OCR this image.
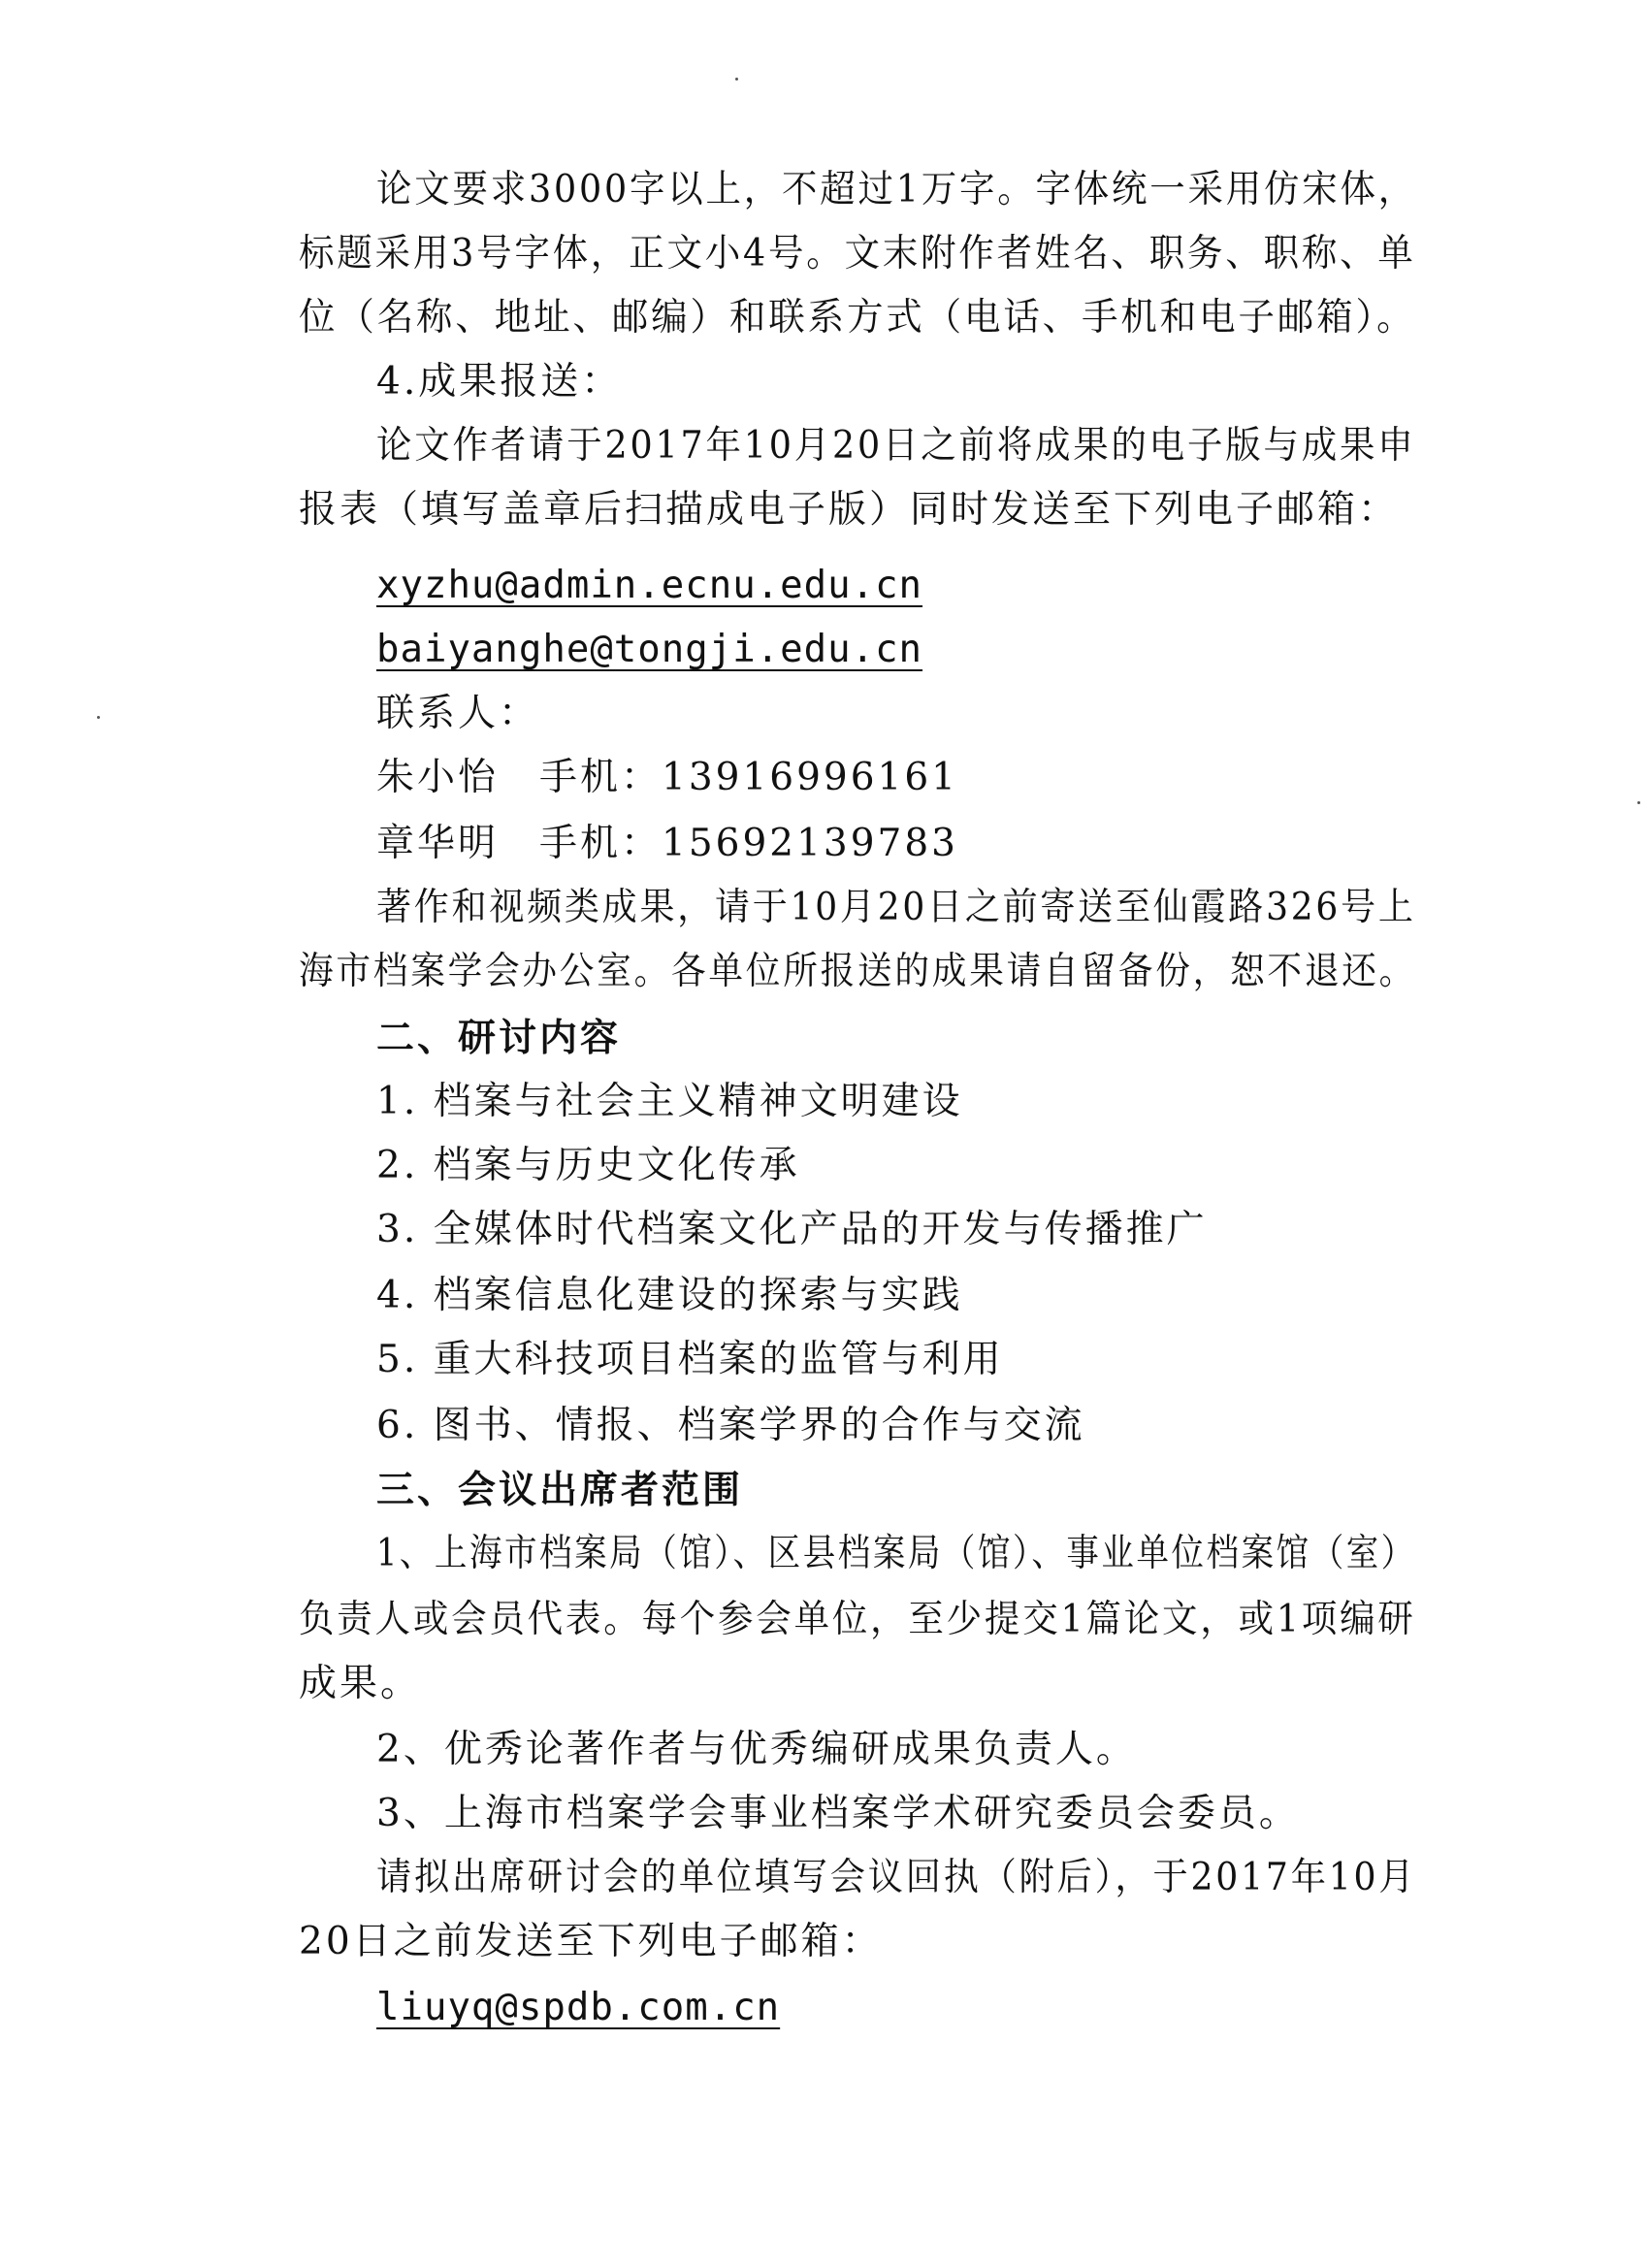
论文要求3000字以上，不超过1万字。字体统一采用仿宋体，
标题采用3号字体，正文小4号。文末附作者姓名、职务、职称、单
位（名称、地址、邮编）和联系方式（电话、手机和电子邮箱）。
4.成果报送：
论文作者请于2017年10月20日之前将成果的电子版与成果申
报表（填写盖章后扫描成电子版）同时发送至下列电子邮箱：
xyzhu@admin.ecnu.edu.cn
baiyanghe@tongji.edu.cn
联系人：
朱小怡　手机：13916996161
章华明　手机：15692139783
著作和视频类成果，请于10月20日之前寄送至仙霞路326号上
海市档案学会办公室。各单位所报送的成果请自留备份，恕不退还。
二、研讨内容
1. 档案与社会主义精神文明建设
2. 档案与历史文化传承
3. 全媒体时代档案文化产品的开发与传播推广
4. 档案信息化建设的探索与实践
5. 重大科技项目档案的监管与利用
6. 图书、情报、档案学界的合作与交流
三、会议出席者范围
1、上海市档案局（馆）、区县档案局（馆）、事业单位档案馆（室）
负责人或会员代表。每个参会单位，至少提交1篇论文，或1项编研
成果。
2、优秀论著作者与优秀编研成果负责人。
3、上海市档案学会事业档案学术研究委员会委员。
请拟出席研讨会的单位填写会议回执（附后），于2017年10月
20日之前发送至下列电子邮箱：
liuyq@spdb.com.cn
